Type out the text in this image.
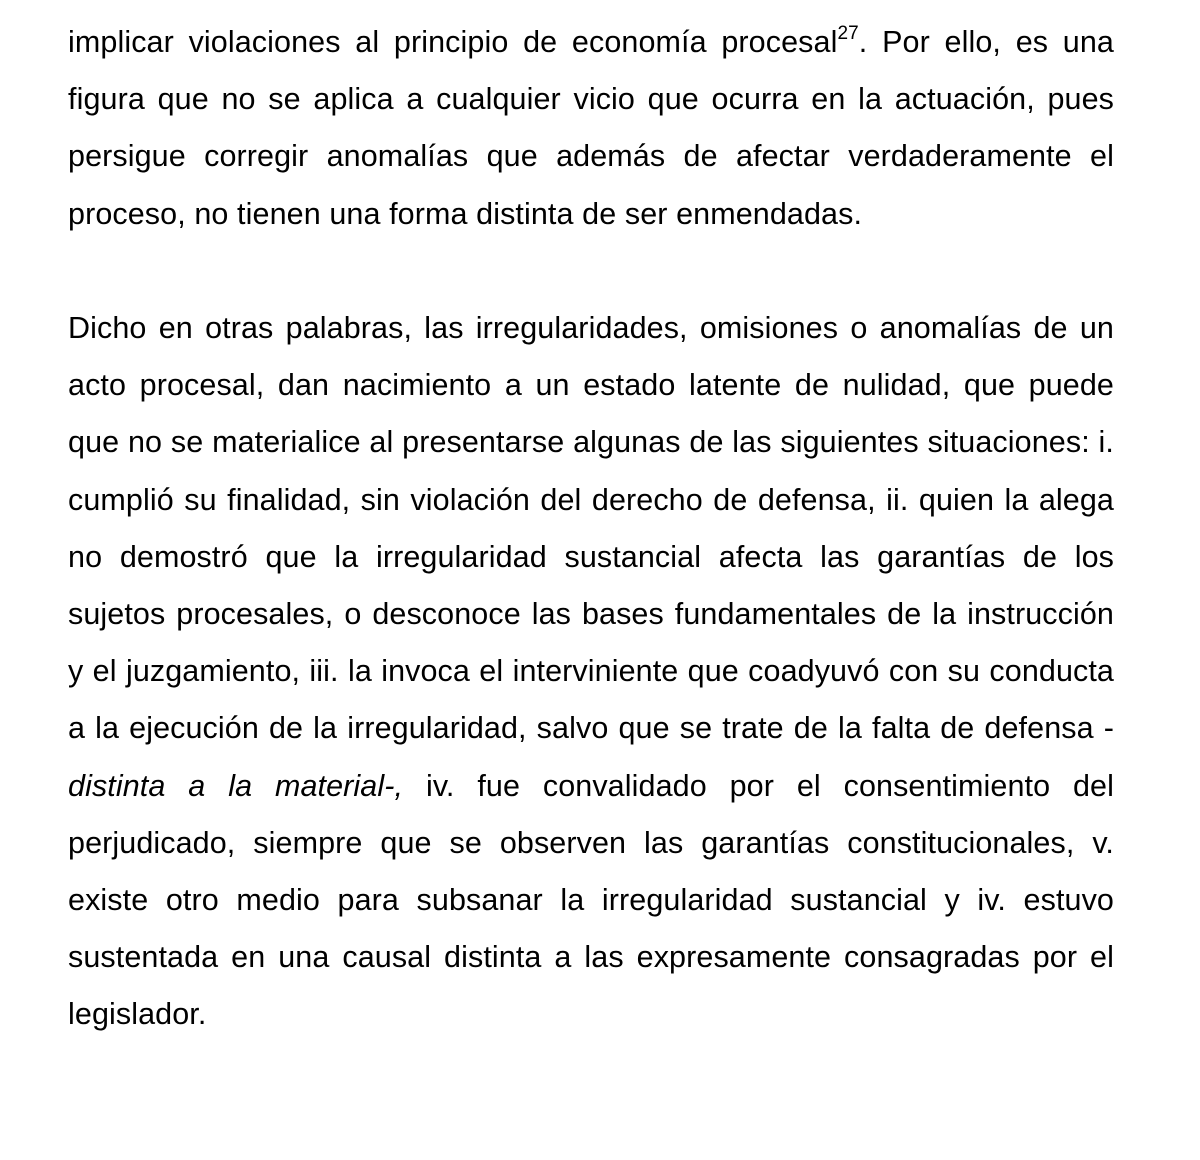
implicar violaciones al principio de economía procesal$^{27}$. Por ello, es una figura que no se aplica a cualquier vicio que ocurra en la actuación, pues persigue corregir anomalías que además de afectar verdaderamente el proceso, no tienen una forma distinta de ser enmendadas.

Dicho en otras palabras, las irregularidades, omisiones o anomalías de un acto procesal, dan nacimiento a un estado latente de nulidad, que puede que no se materialice al presentarse algunas de las siguientes situaciones: i. cumplió su finalidad, sin violación del derecho de defensa, ii. quien la alega no demostró que la irregularidad sustancial afecta las garantías de los sujetos procesales, o desconoce las bases fundamentales de la instrucción y el juzgamiento, iii. la invoca el interviniente que coadyuvó con su conducta a la ejecución de la irregularidad, salvo que se trate de la falta de defensa -distinta a la material-, iv. fue convalidado por el consentimiento del perjudicado, siempre que se observen las garantías constitucionales, v. existe otro medio para subsanar la irregularidad sustancial y iv. estuvo sustentada en una causal distinta a las expresamente consagradas por el legislador.
